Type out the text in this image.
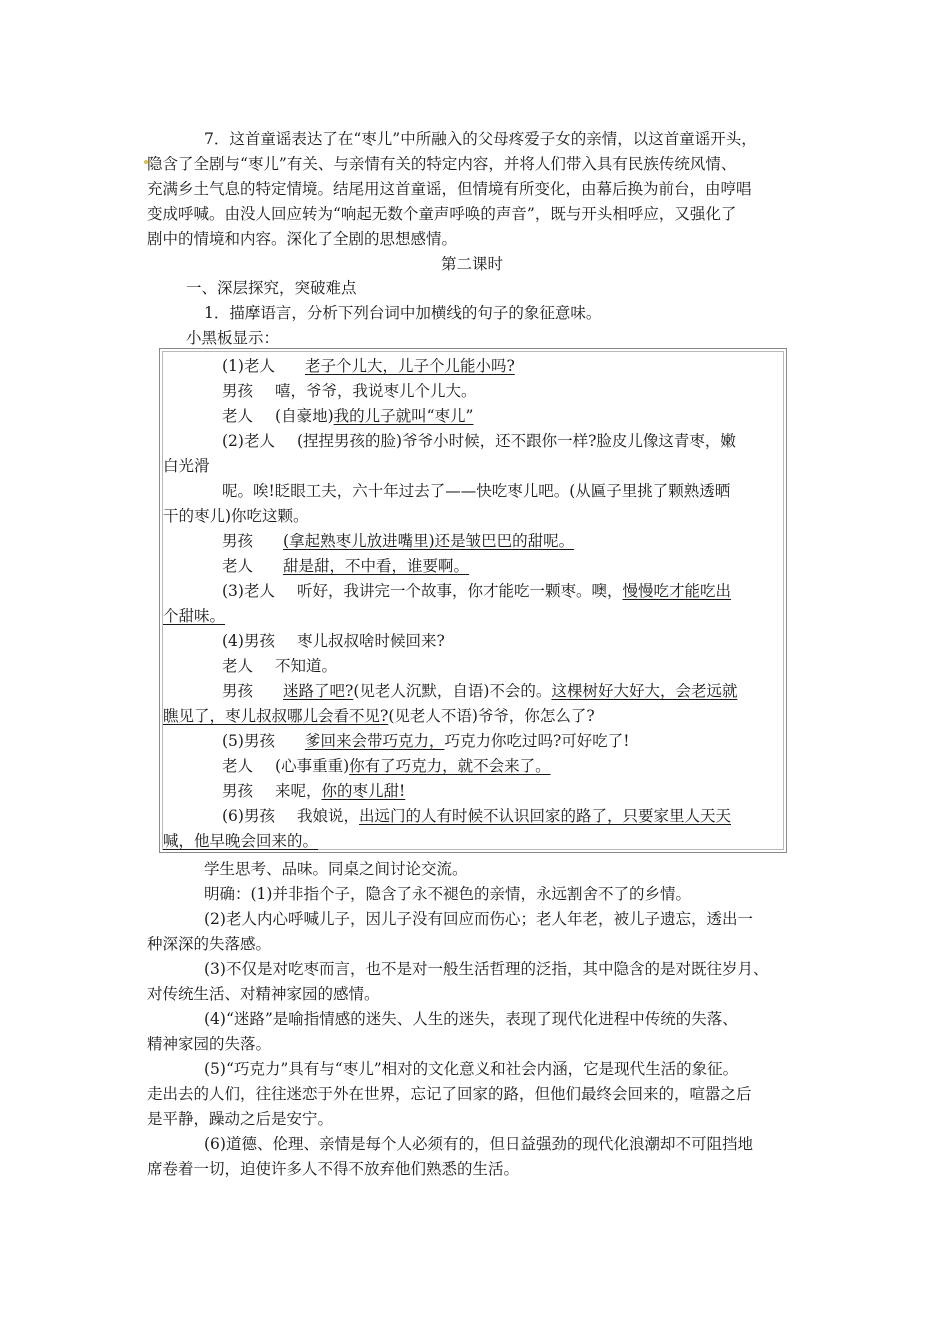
7．这首童谣表达了在“枣儿”中所融入的父母疼爱子女的亲情，以这首童谣开头，
隐含了全剧与“枣儿”有关、与亲情有关的特定内容，并将人们带入具有民族传统风情、
充满乡土气息的特定情境。结尾用这首童谣，但情境有所变化，由幕后换为前台，由哼唱
变成呼喊。由没人回应转为“响起无数个童声呼唤的声音”，既与开头相呼应，又强化了
剧中的情境和内容。深化了全剧的思想感情。
第二课时
一、深层探究，突破难点
1．描摩语言，分析下列台词中加横线的句子的象征意味。
小黑板显示：
(1)老人 老子个儿大，儿子个儿能小吗?
男孩 嘻，爷爷，我说枣儿个儿大。
老人 (自豪地)我的儿子就叫“枣儿”
(2)老人 (捏捏男孩的脸)爷爷小时候，还不跟你一样?脸皮儿像这青枣，嫩
白光滑
呢。唉!眨眼工夫，六十年过去了——快吃枣儿吧。(从匾子里挑了颗熟透晒
干的枣儿)你吃这颗。
男孩 (拿起熟枣儿放进嘴里)还是皱巴巴的甜呢。
老人 甜是甜，不中看，谁要啊。
(3)老人 听好，我讲完一个故事，你才能吃一颗枣。噢，慢慢吃才能吃出
个甜味。
(4)男孩 枣儿叔叔啥时候回来?
老人 不知道。
男孩 迷路了吧?(见老人沉默，自语)不会的。这棵树好大好大，会老远就
瞧见了，枣儿叔叔哪儿会看不见?(见老人不语)爷爷，你怎么了?
(5)男孩 爹回来会带巧克力，巧克力你吃过吗?可好吃了!
老人 (心事重重)你有了巧克力，就不会来了。
男孩 来呢，你的枣儿甜!
(6)男孩 我娘说，出远门的人有时候不认识回家的路了，只要家里人天天
喊，他早晚会回来的。
学生思考、品味。同桌之间讨论交流。
明确：(1)并非指个子，隐含了永不褪色的亲情，永远割舍不了的乡情。
(2)老人内心呼喊儿子，因儿子没有回应而伤心；老人年老，被儿子遗忘，透出一
种深深的失落感。
(3)不仅是对吃枣而言，也不是对一般生活哲理的泛指，其中隐含的是对既往岁月、
对传统生活、对精神家园的感情。
(4)“迷路”是喻指情感的迷失、人生的迷失，表现了现代化进程中传统的失落、
精神家园的失落。
(5)“巧克力”具有与“枣儿”相对的文化意义和社会内涵，它是现代生活的象征。
走出去的人们，往往迷恋于外在世界，忘记了回家的路，但他们最终会回来的，喧嚣之后
是平静，躁动之后是安宁。
(6)道德、伦理、亲情是每个人必须有的，但日益强劲的现代化浪潮却不可阻挡地
席卷着一切，迫使许多人不得不放弃他们熟悉的生活。
